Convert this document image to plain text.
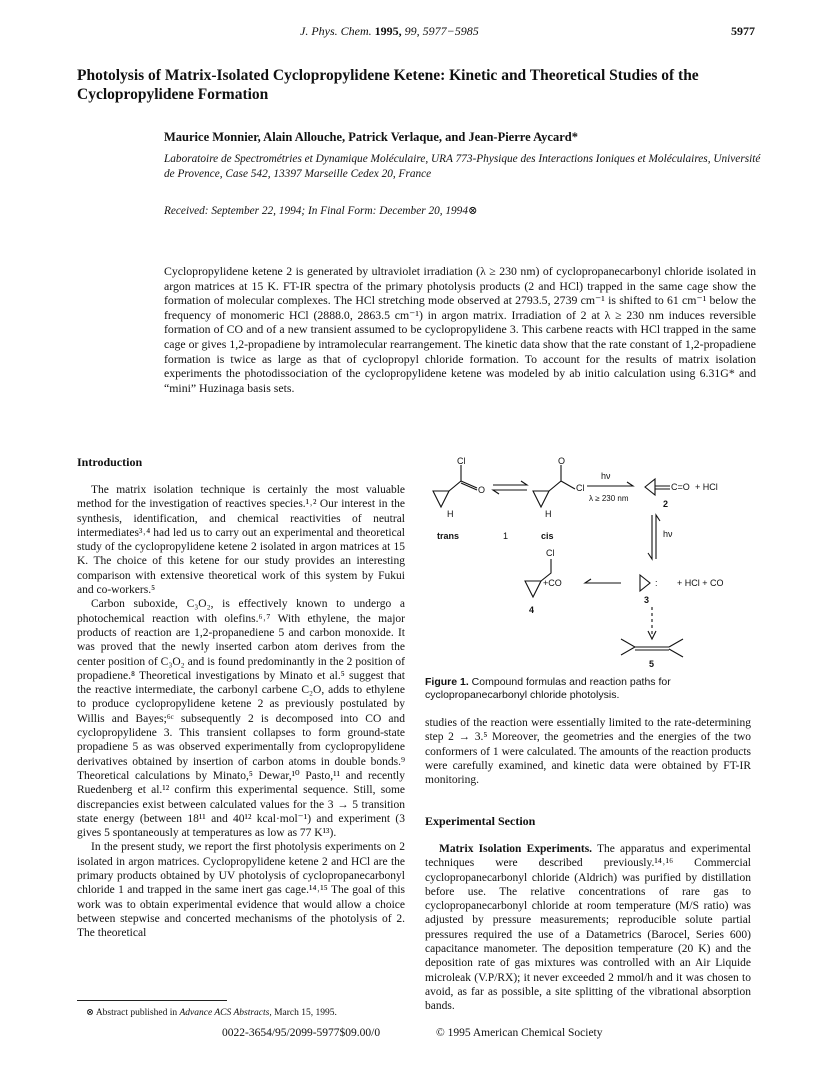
J. Phys. Chem. 1995, 99, 5977−5985	5977
Photolysis of Matrix-Isolated Cyclopropylidene Ketene: Kinetic and Theoretical Studies of the Cyclopropylidene Formation
Maurice Monnier, Alain Allouche, Patrick Verlaque, and Jean-Pierre Aycard*
Laboratoire de Spectrométries et Dynamique Moléculaire, URA 773-Physique des Interactions Ioniques et Moléculaires, Université de Provence, Case 542, 13397 Marseille Cedex 20, France
Received: September 22, 1994; In Final Form: December 20, 1994⊗

Cyclopropylidene ketene 2 is generated by ultraviolet irradiation (λ ≥ 230 nm) of cyclopropanecarbonyl chloride isolated in argon matrices at 15 K. FT-IR spectra of the primary photolysis products (2 and HCl) trapped in the same cage show the formation of molecular complexes. The HCl stretching mode observed at 2793.5, 2739 cm⁻¹ is shifted to 61 cm⁻¹ below the frequency of monomeric HCl (2888.0, 2863.5 cm⁻¹) in argon matrix. Irradiation of 2 at λ ≥ 230 nm induces reversible formation of CO and of a new transient assumed to be cyclopropylidene 3. This carbene reacts with HCl trapped in the same cage or gives 1,2-propadiene by intramolecular rearrangement. The kinetic data show that the rate constant of 1,2-propadiene formation is twice as large as that of cyclopropyl chloride formation. To account for the results of matrix isolation experiments the photodissociation of the cyclopropylidene ketene was modeled by ab initio calculation using 6.31G* and “mini” Huzinaga basis sets.

Introduction

The matrix isolation technique is certainly the most valuable method for the investigation of reactives species.¹˒² Our interest in the synthesis, identification, and chemical reactivities of neutral intermediates³˒⁴ had led us to carry out an experimental and theoretical study of the cyclopropylidene ketene 2 isolated in argon matrices at 15 K. The choice of this ketene for our study provides an interesting comparison with extensive theoretical work of this system by Fukui and co-workers.⁵

Carbon suboxide, C₃O₂, is effectively known to undergo a photochemical reaction with olefins.⁶˒⁷ With ethylene, the major products of reaction are 1,2-propanediene 5 and carbon monoxide. It was proved that the newly inserted carbon atom derives from the center position of C₃O₂ and is found predominantly in the 2 position of propadiene.⁸ Theoretical investigations by Minato et al.⁵ suggest that the reactive intermediate, the carbonyl carbene C₂O, adds to ethylene to produce cyclopropylidene ketene 2 as previously postulated by Willis and Bayes;⁶ᶜ subsequently 2 is decomposed into CO and cyclopropylidene 3. This transient collapses to form ground-state propadiene 5 as was observed experimentally from cyclopropylidene derivatives obtained by insertion of carbon atoms in double bonds.⁹ Theoretical calculations by Minato,⁵ Dewar,¹⁰ Pasto,¹¹ and recently Ruedenberg et al.¹² confirm this experimental sequence. Still, some discrepancies exist between calculated values for the 3 → 5 transition state energy (between 18¹¹ and 40¹² kcal·mol⁻¹) and experiment (3 gives 5 spontaneously at temperatures as low as 77 K¹³).

In the present study, we report the first photolysis experiments on 2 isolated in argon matrices. Cyclopropylidene ketene 2 and HCl are the primary products obtained by UV photolysis of cyclopropanecarbonyl chloride 1 and trapped in the same inert gas cage.¹⁴˒¹⁵ The goal of this work was to obtain experimental evidence that would allow a choice between stepwise and concerted mechanisms of the photolysis of 2. The theoretical

Cl
O
H
trans	1
O
Cl
H
cis
hν
λ ≥ 230 nm
C=O + HCl
2
hν
Cl
+CO
4
: + HCl + CO
3
5
Figure 1. Compound formulas and reaction paths for cyclopropanecarbonyl chloride photolysis.

studies of the reaction were essentially limited to the rate-determining step 2 → 3.⁵ Moreover, the geometries and the energies of the two conformers of 1 were calculated. The amounts of the reaction products were carefully examined, and kinetic data were obtained by FT-IR monitoring.

Experimental Section

Matrix Isolation Experiments. The apparatus and experimental techniques were described previously.¹⁴˒¹⁶ Commercial cyclopropanecarbonyl chloride (Aldrich) was purified by distillation before use. The relative concentrations of rare gas to cyclopropanecarbonyl chloride at room temperature (M/S ratio) was adjusted by pressure measurements; reproducible solute partial pressures required the use of a Datametrics (Barocel, Series 600) capacitance manometer. The deposition temperature (20 K) and the deposition rate of gas mixtures was controlled with an Air Liquide microleak (V.P/RX); it never exceeded 2 mmol/h and it was chosen to avoid, as far as possible, a site splitting of the vibrational absorption bands.

⊗ Abstract published in Advance ACS Abstracts, March 15, 1995.
0022-3654/95/2099-5977$09.00/0	© 1995 American Chemical Society
